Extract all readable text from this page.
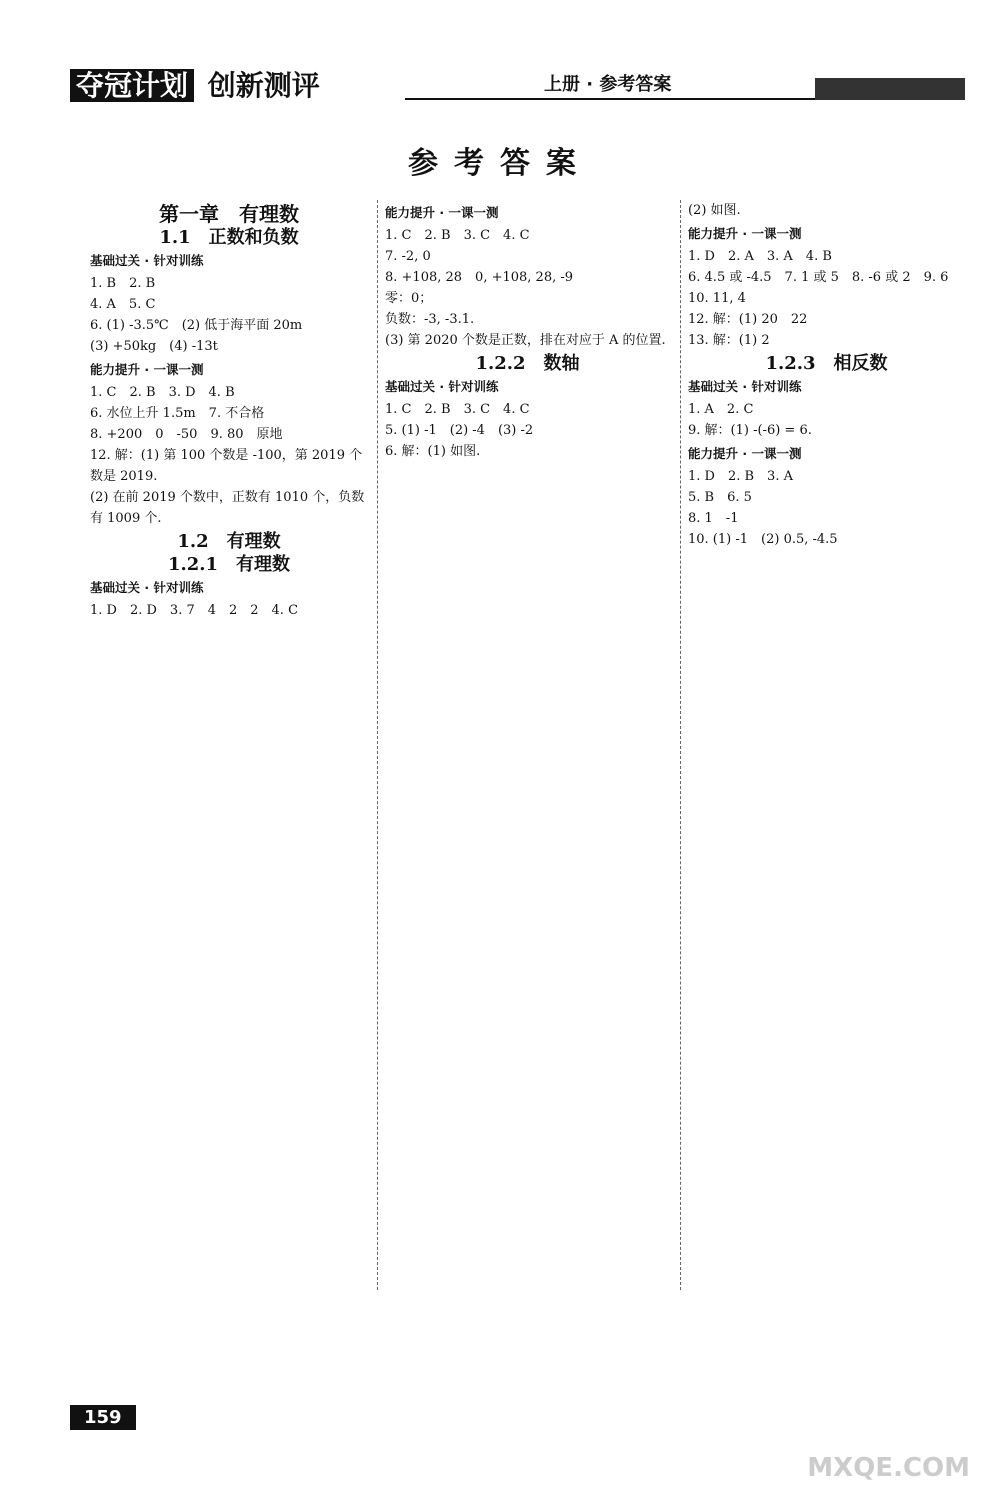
夺冠计划 创新测评	上册 · 参考答案
参考答案
第一章　有理数
1.1　正数和负数
基础过关 · 针对训练

1. B　2. B

4. A　5. C

6. (1) -3.5℃　(2) 低于海平面 20m

(3) +50kg　(4) -13t

能力提升 · 一课一测

1. C　2. B　3. D　4. B

6. 水位上升 1.5m　7. 不合格

8. +200　0　-50　9. 80　原地

12. 解：(1) 第 100 个数是 -100，第 2019 个数是 2019.

(2) 在前 2019 个数中，正数有 1010 个，负数有 1009 个.

1.2　有理数
1.2.1　有理数
基础过关 · 针对训练

1. D　2. D　3. 7　4　2　2　4. C

能力提升 · 一课一测

1. C　2. B　3. C　4. C

7. -2, 0

8. +108, 28　0, +108, 28, -9

零：0；

负数：-3, -3.1.

(3) 第 2020 个数是正数，排在对应于 A 的位置.

1.2.2　数轴
基础过关 · 针对训练

1. C　2. B　3. C　4. C

5. (1) -1　(2) -4　(3) -2

6. 解：(1) 如图.

(2) 如图.

能力提升 · 一课一测

1. D　2. A　3. A　4. B

6. 4.5 或 -4.5　7. 1 或 5　8. -6 或 2　9. 6

10. 11, 4

12. 解：(1) 20　22

13. 解：(1) 2

1.2.3　相反数
基础过关 · 针对训练

1. A　2. C

9. 解：(1) -(-6) = 6.

能力提升 · 一课一测

1. D　2. B　3. A

5. B　6. 5

8. 1　-1

10. (1) -1　(2) 0.5, -4.5

159
MXQE.COM
